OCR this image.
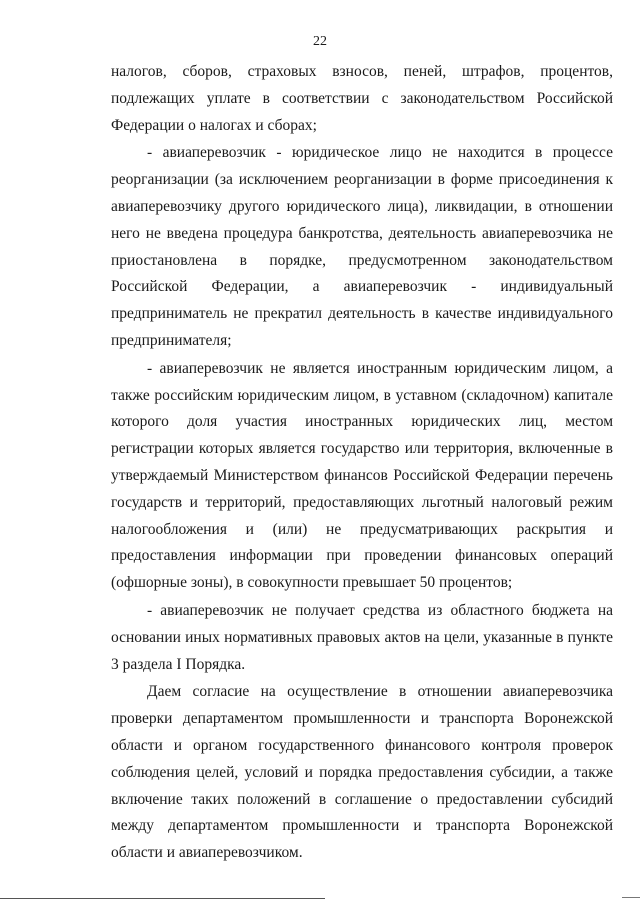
22

налогов, сборов, страховых взносов, пеней, штрафов, процентов, подлежащих уплате в соответствии с законодательством Российской Федерации о налогах и сборах;

- авиаперевозчик - юридическое лицо не находится в процессе реорганизации (за исключением реорганизации в форме присоединения к авиаперевозчику другого юридического лица), ликвидации, в отношении него не введена процедура банкротства, деятельность авиаперевозчика не приостановлена в порядке, предусмотренном законодательством Российской Федерации, а авиаперевозчик - индивидуальный предприниматель не прекратил деятельность в качестве индивидуального предпринимателя;

- авиаперевозчик не является иностранным юридическим лицом, а также российским юридическим лицом, в уставном (складочном) капитале которого доля участия иностранных юридических лиц, местом регистрации которых является государство или территория, включенные в утверждаемый Министерством финансов Российской Федерации перечень государств и территорий, предоставляющих льготный налоговый режим налогообложения и (или) не предусматривающих раскрытия и предоставления информации при проведении финансовых операций (офшорные зоны), в совокупности превышает 50 процентов;

- авиаперевозчик не получает средства из областного бюджета на основании иных нормативных правовых актов на цели, указанные в пункте 3 раздела I Порядка.

Даем согласие на осуществление в отношении авиаперевозчика проверки департаментом промышленности и транспорта Воронежской области и органом государственного финансового контроля проверок соблюдения целей, условий и порядка предоставления субсидии, а также включение таких положений в соглашение о предоставлении субсидий между департаментом промышленности и транспорта Воронежской области и авиаперевозчиком.
